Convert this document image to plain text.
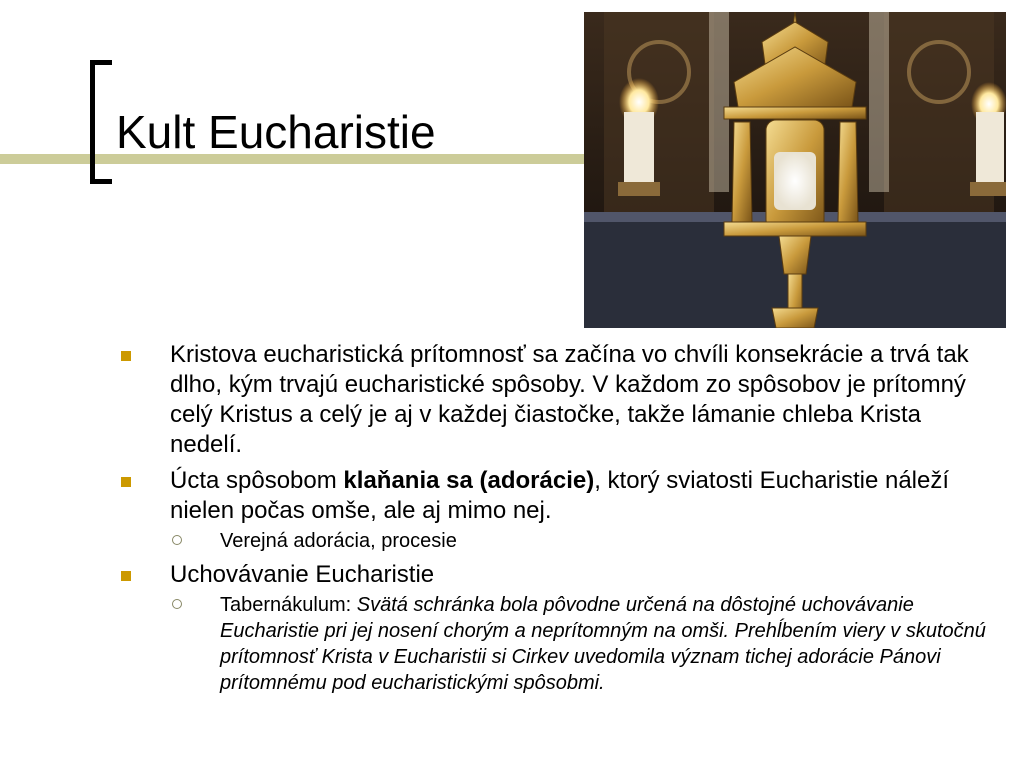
Kult Eucharistie
Kristova eucharistická prítomnosť sa začína vo chvíli konsekrácie a trvá tak dlho, kým trvajú eucharistické spôsoby. V každom zo spôsobov je prítomný celý Kristus a celý je aj v každej čiastočke, takže lámanie chleba Krista nedelí.
Úcta spôsobom klaňania sa (adorácie), ktorý sviatosti Eucharistie náleží nielen počas omše, ale aj mimo nej.
Verejná adorácia, procesie
Uchovávanie Eucharistie
Tabernákulum: Svätá schránka bola pôvodne určená na dôstojné uchovávanie Eucharistie pri jej nosení chorým a neprítomným na omši. Prehĺbením viery v skutočnú prítomnosť Krista v Eucharistii si Cirkev uvedomila význam tichej adorácie Pánovi prítomnému pod eucharistickými spôsobmi.
